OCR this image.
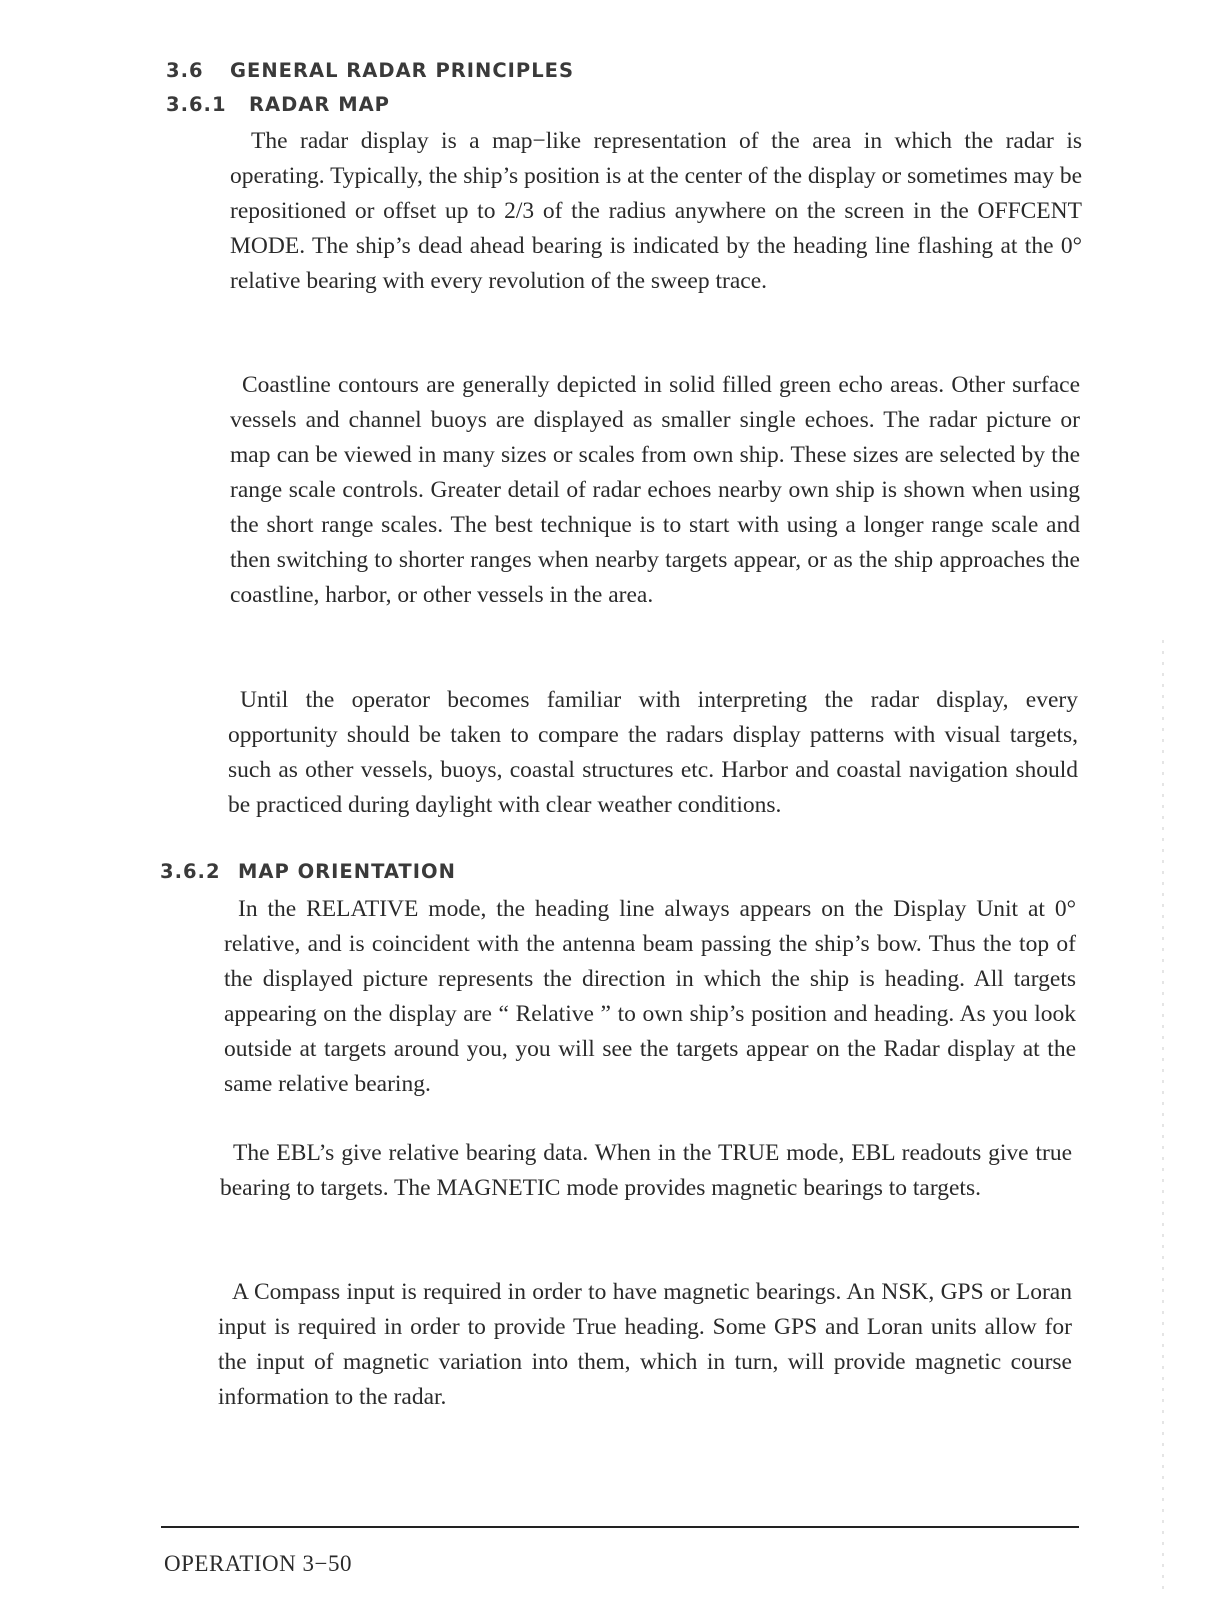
3.6 GENERAL RADAR PRINCIPLES
3.6.1 RADAR MAP

The radar display is a map−like representation of the area in which the radar is operating. Typically, the ship’s position is at the center of the display or sometimes may be repositioned or offset up to 2/3 of the radius anywhere on the screen in the OFFCENT MODE. The ship’s dead ahead bearing is indicated by the heading line flashing at the 0° relative bearing with every revolution of the sweep trace.

Coastline contours are generally depicted in solid filled green echo areas. Other surface vessels and channel buoys are displayed as smaller single echoes. The radar picture or map can be viewed in many sizes or scales from own ship. These sizes are selected by the range scale controls. Greater detail of radar echoes nearby own ship is shown when using the short range scales. The best technique is to start with using a longer range scale and then switching to shorter ranges when nearby targets appear, or as the ship approaches the coastline, harbor, or other vessels in the area.

Until the operator becomes familiar with interpreting the radar display, every opportunity should be taken to compare the radars display patterns with visual targets, such as other vessels, buoys, coastal structures etc. Harbor and coastal navigation should be practiced during daylight with clear weather conditions.

3.6.2 MAP ORIENTATION

In the RELATIVE mode, the heading line always appears on the Display Unit at 0° relative, and is coincident with the antenna beam passing the ship’s bow. Thus the top of the displayed picture represents the direction in which the ship is heading. All targets appearing on the display are “ Relative ” to own ship’s position and heading. As you look outside at targets around you, you will see the targets appear on the Radar display at the same relative bearing.

The EBL’s give relative bearing data. When in the TRUE mode, EBL readouts give true bearing to targets. The MAGNETIC mode provides magnetic bearings to targets.

A Compass input is required in order to have magnetic bearings. An NSK, GPS or Loran input is required in order to provide True heading. Some GPS and Loran units allow for the input of magnetic variation into them, which in turn, will provide magnetic course information to the radar.

OPERATION 3−50
